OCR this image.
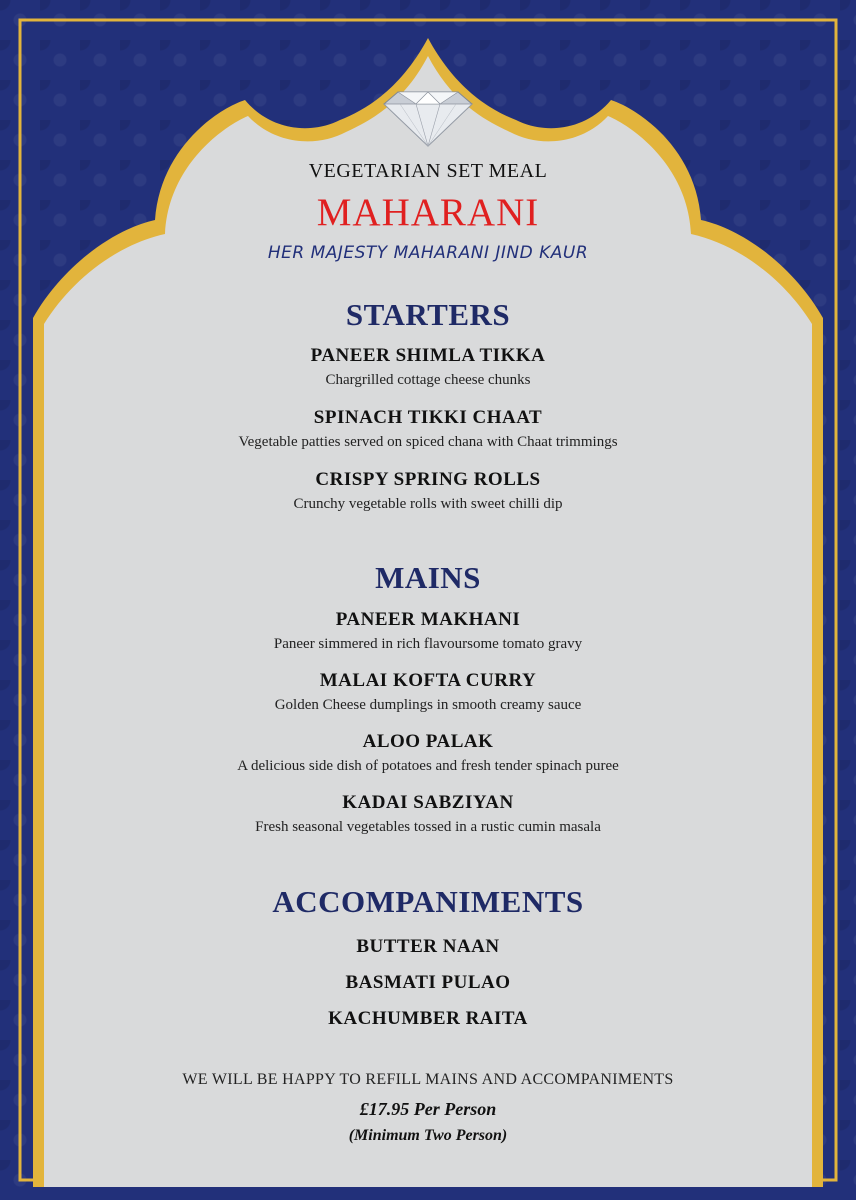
VEGETARIAN SET MEAL
MAHARANI
HER MAJESTY MAHARANI JIND KAUR
STARTERS
PANEER SHIMLA TIKKA
Chargrilled cottage cheese chunks
SPINACH TIKKI CHAAT
Vegetable patties served on spiced chana with Chaat trimmings
CRISPY SPRING ROLLS
Crunchy vegetable rolls with sweet chilli dip
MAINS
PANEER MAKHANI
Paneer simmered in rich flavoursome tomato gravy
MALAI KOFTA CURRY
Golden Cheese dumplings in smooth creamy sauce
ALOO PALAK
A delicious side dish of potatoes and fresh tender spinach puree
KADAI SABZIYAN
Fresh seasonal vegetables tossed in a rustic cumin masala
ACCOMPANIMENTS
BUTTER NAAN
BASMATI PULAO
KACHUMBER RAITA
WE WILL BE HAPPY TO REFILL MAINS AND ACCOMPANIMENTS
£17.95 Per Person
(Minimum Two Person)
